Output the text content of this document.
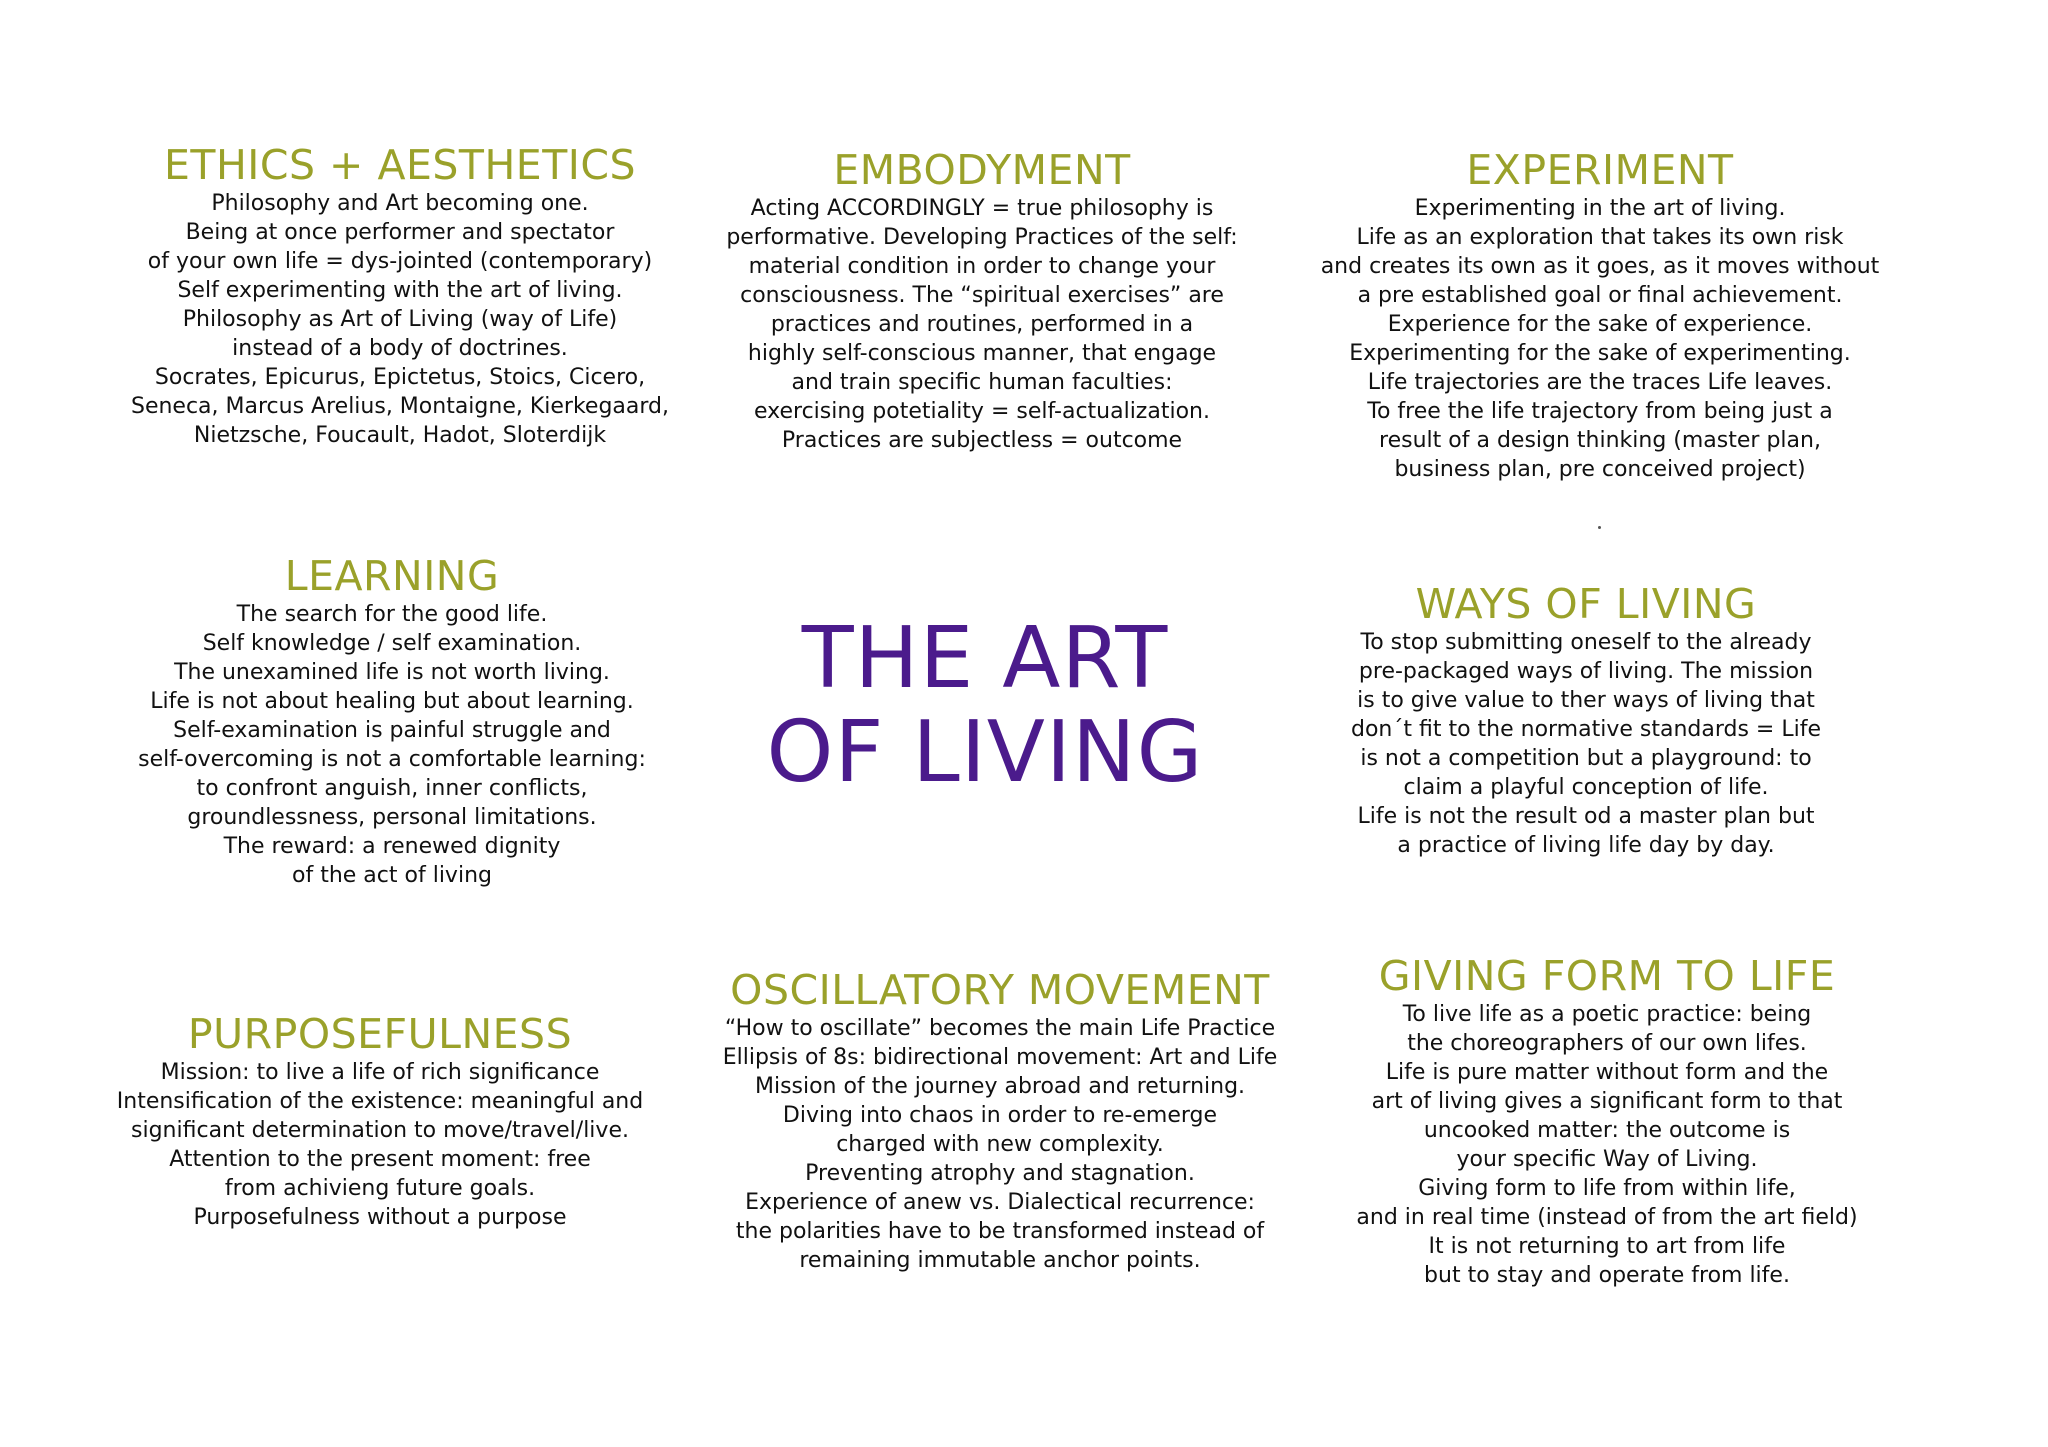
ETHICS + AESTHETICS
Philosophy and Art becoming one.
Being at once performer and spectator
of your own life = dys-jointed (contemporary)
Self experimenting with the art of living.
Philosophy as Art of Living (way of Life)
instead of a body of doctrines.
Socrates, Epicurus, Epictetus, Stoics, Cicero,
Seneca, Marcus Arelius, Montaigne, Kierkegaard,
Nietzsche, Foucault, Hadot, Sloterdijk
EMBODYMENT
Acting ACCORDINGLY = true philosophy is
performative. Developing Practices of the self:
material condition in order to change your
consciousness. The “spiritual exercises” are
practices and routines, performed in a
highly self-conscious manner, that engage
and train specific human faculties:
exercising potetiality = self-actualization.
Practices are subjectless = outcome
EXPERIMENT
Experimenting in the art of living.
Life as an exploration that takes its own risk
and creates its own as it goes, as it moves without
a pre established goal or final achievement.
Experience for the sake of experience.
Experimenting for the sake of experimenting.
Life trajectories are the traces Life leaves.
To free the life trajectory from being just a
result of a design thinking (master plan,
business plan, pre conceived project)
LEARNING
The search for the good life.
Self knowledge / self examination.
The unexamined life is not worth living.
Life is not about healing but about learning.
Self-examination is painful struggle and
self-overcoming is not a comfortable learning:
to confront anguish, inner conflicts,
groundlessness, personal limitations.
The reward: a renewed dignity
of the act of living
THE ART
OF LIVING
WAYS OF LIVING
To stop submitting oneself to the already
pre-packaged ways of living. The mission
is to give value to ther ways of living that
don´t fit to the normative standards = Life
is not a competition but a playground: to
claim a playful conception of life.
Life is not the result od a master plan but
a practice of living life day by day.
PURPOSEFULNESS
Mission: to live a life of rich significance
Intensification of the existence: meaningful and
significant determination to move/travel/live.
Attention to the present moment: free
from achivieng future goals.
Purposefulness without a purpose
OSCILLATORY MOVEMENT
“How to oscillate” becomes the main Life Practice
Ellipsis of 8s: bidirectional movement: Art and Life
Mission of the journey abroad and returning.
Diving into chaos in order to re-emerge
charged with new complexity.
Preventing atrophy and stagnation.
Experience of anew vs. Dialectical recurrence:
the polarities have to be transformed instead of
remaining immutable anchor points.
GIVING FORM TO LIFE
To live life as a poetic practice: being
the choreographers of our own lifes.
Life is pure matter without form and the
art of living gives a significant form to that
uncooked matter: the outcome is
your specific Way of Living.
Giving form to life from within life,
and in real time (instead of from the art field)
It is not returning to art from life
but to stay and operate from life.
